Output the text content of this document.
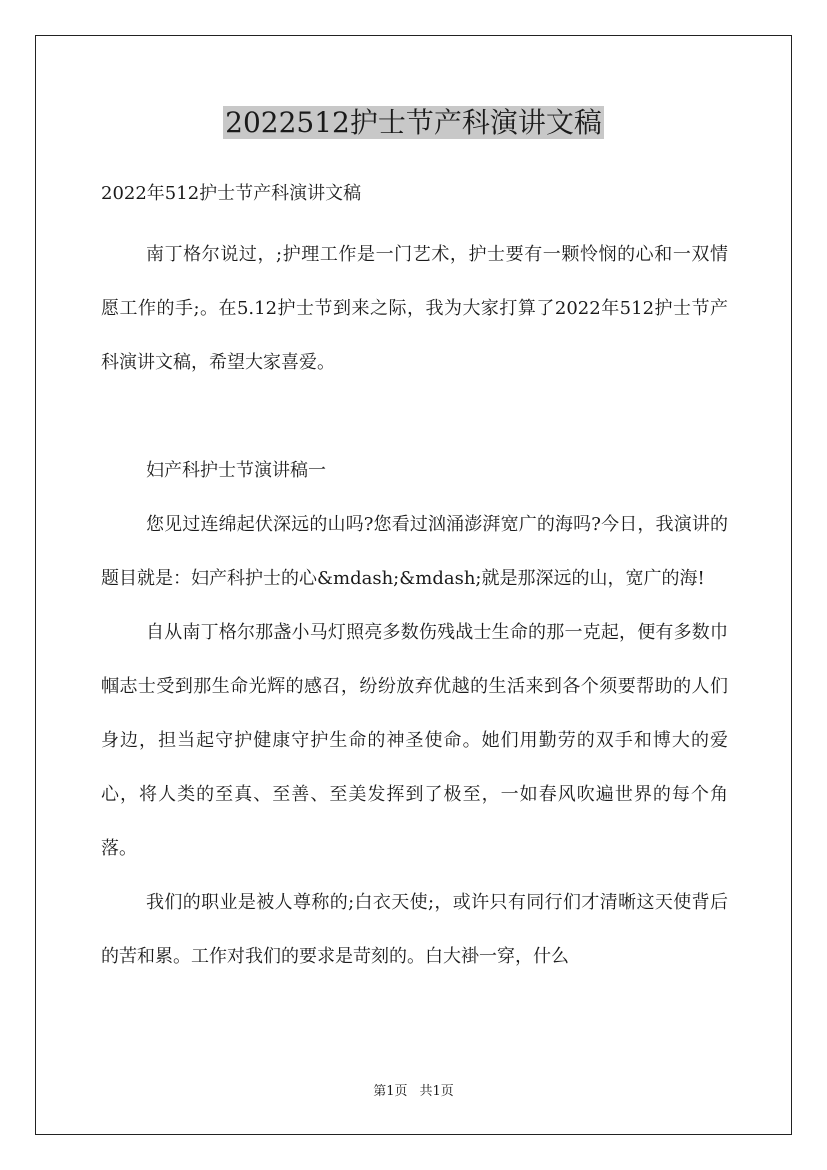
2022512护士节产科演讲文稿

2022年512护士节产科演讲文稿

南丁格尔说过，;护理工作是一门艺术，护士要有一颗怜悯的心和一双情愿工作的手;。在5.12护士节到来之际，我为大家打算了2022年512护士节产科演讲文稿，希望大家喜爱。

妇产科护士节演讲稿一

您见过连绵起伏深远的山吗?您看过汹涌澎湃宽广的海吗?今日，我演讲的题目就是：妇产科护士的心&mdash;&mdash;就是那深远的山，宽广的海!

自从南丁格尔那盏小马灯照亮多数伤残战士生命的那一克起，便有多数巾帼志士受到那生命光辉的感召，纷纷放弃优越的生活来到各个须要帮助的人们身边，担当起守护健康守护生命的神圣使命。她们用勤劳的双手和博大的爱心，将人类的至真、至善、至美发挥到了极至，一如春风吹遍世界的每个角落。

我们的职业是被人尊称的;白衣天使;，或许只有同行们才清晰这天使背后的苦和累。工作对我们的要求是苛刻的。白大褂一穿，什么

第1页 共1页
